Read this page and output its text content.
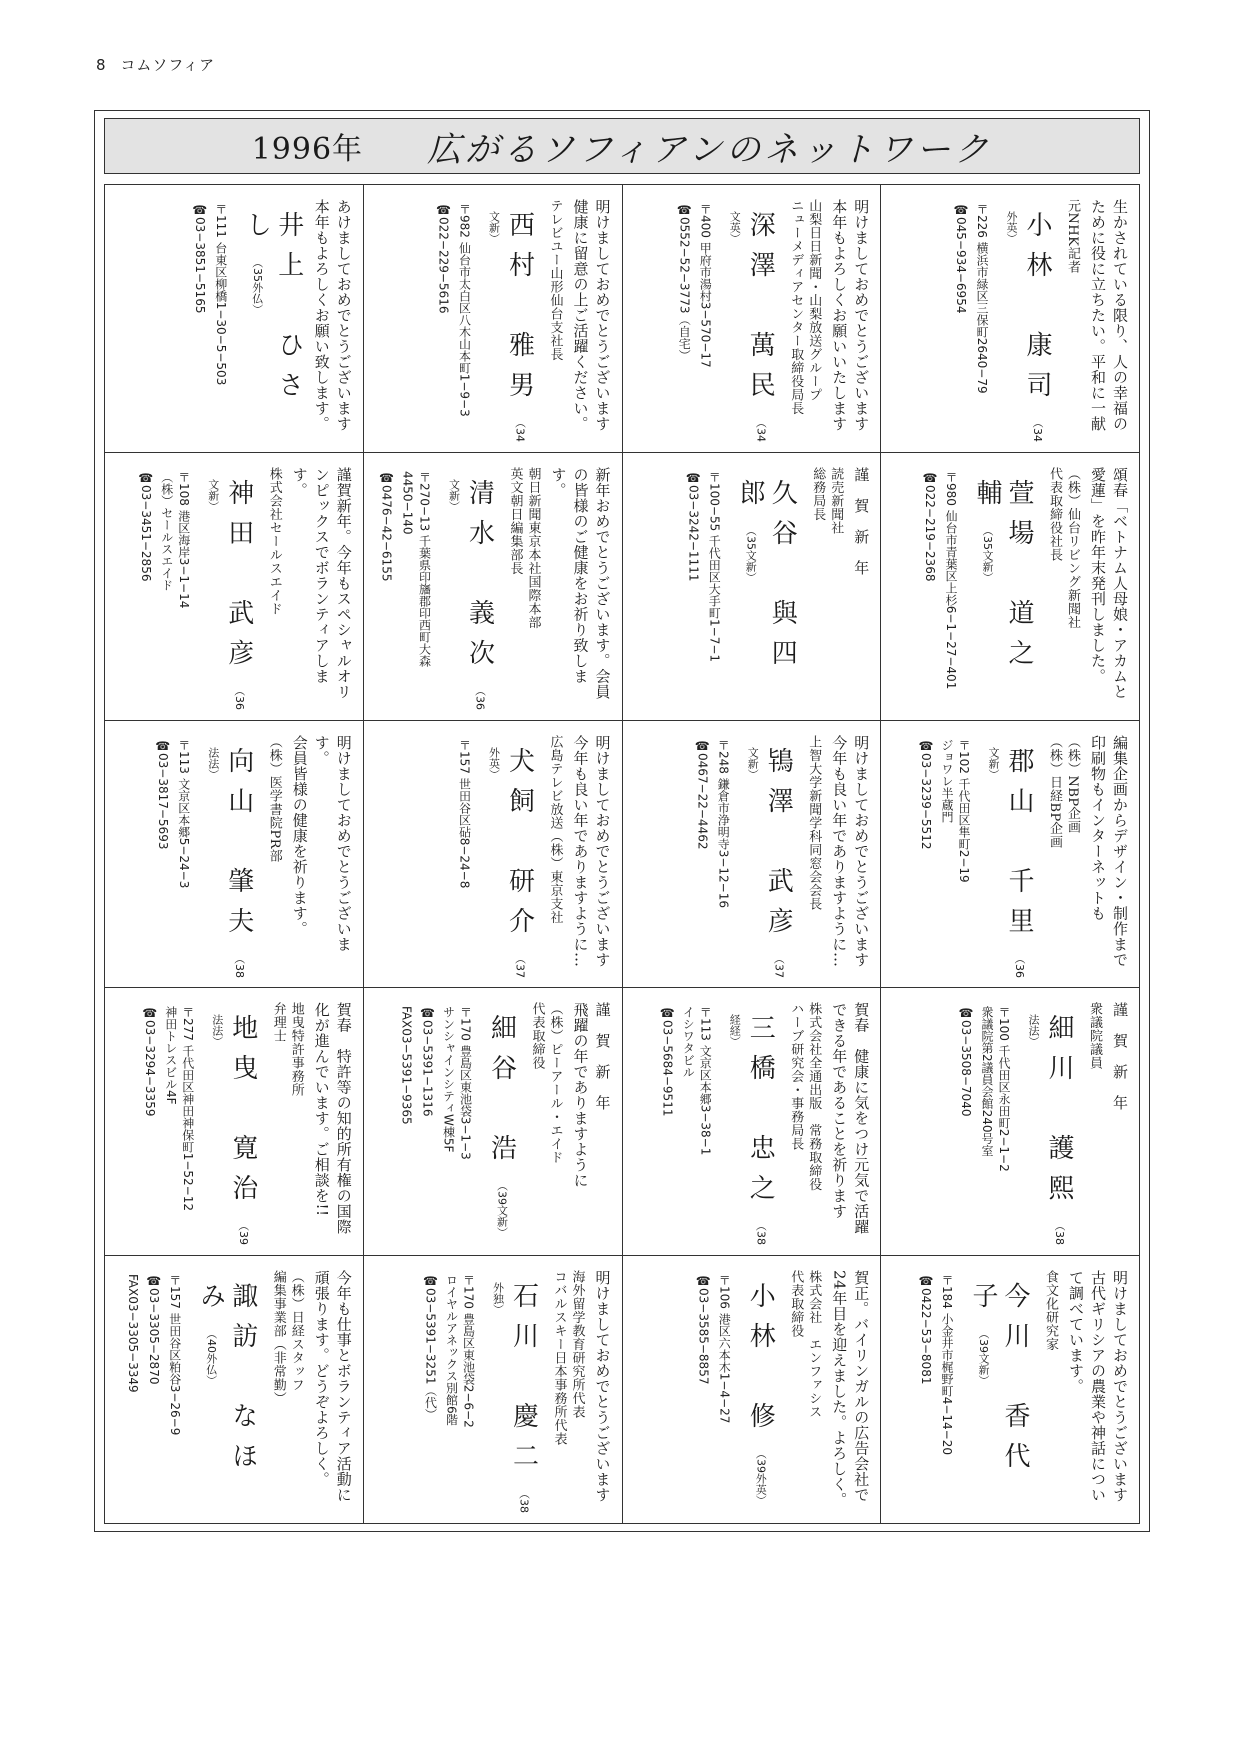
8 コムソフィア
1996年 広がるソフィアンのネットワーク
あけましておめでとうございます
本年もよろしくお願い致します。
井上　ひさし（35外仏）
〒111 台東区柳橋1−30−5−503
☎03−3851−5165	明けましておめでとうございます
健康に留意の上ご活躍ください。
テレビユー山形仙台支社長
西村　雅男（34文新）
〒982 仙台市太白区八木山本町1−9−3
☎022−229−5616	明けましておめでとうございます
本年もよろしくお願いいたします
山梨日日新聞・山梨放送グループ
ニューメディアセンター取締役局長
深澤　萬民（34文英）
〒400 甲府市湯村3−570−17
☎0552−52−3773（自宅）	生かされている限り、人の幸福の
ために役に立ちたい。平和に一献
元NHK記者
小林　康司（34外英）
〒226 横浜市緑区三保町2640−79
☎045−934−6954
謹賀新年。今年もスペシャルオリ
ンピックスでボランティアします。
株式会社セールスエイド
神田　武彦（36文新）
〒108 港区海岸3−1−14
（株）セールスエイド
☎03−3451−2856	新年おめでとうございます。会員
の皆様のご健康をお祈り致します。
朝日新聞東京本社国際本部
英文朝日編集部長
清水　義次（36文新）
〒270−13 千葉県印旛郡印西町大森4450−140
☎0476−42−6155	謹　賀　新　年
読売新聞社
総務局長
久谷　與四郎（35文新）
〒100−55 千代田区大手町1−7−1
☎03−3242−1111	頌春「ベトナム人母娘・アカムと
愛蓮」を昨年末発刊しました。
（株）仙台リビング新聞社
代表取締役社長
萱場　道之輔（35文新）
〒980 仙台市青葉区上杉6−1−27−401
☎022−219−2368
明けましておめでとうございます。
会員皆様の健康を祈ります。
（株）医学書院PR部
向山　肇夫（38法法）
〒113 文京区本郷5−24−3
☎03−3817−5693	明けましておめでとうございます
今年も良い年でありますように…
広島テレビ放送（株）東京支社
犬飼　研介（37外英）
〒157 世田谷区砧8−24−8	明けましておめでとうございます
今年も良い年でありますように…
上智大学新聞学科同窓会会長
鴇澤　武彦（37文新）
〒248 鎌倉市浄明寺3−12−16
☎0467−22−4462	編集企画からデザイン・制作まで
印刷物もインターネットも
（株）NBP企画
（株）日経BP企画
郡山　千里（36文新）
〒102 千代田区隼町2−19
ジョワレ半蔵門
☎03−3239−5512
賀春　特許等の知的所有権の国際
化が進んでいます。ご相談を!!
地曳特許事務所
弁理士
地曳　寛治（39法法）
〒277 千代田区神田神保町1−52−12
神田トレスビル4F
☎03−3294−3359	謹　賀　新　年
飛躍の年でありますように
（株）ピーアール・エイド
代表取締役
細谷　浩（39文新）
〒170 豊島区東池袋3−1−3
サンシャインシティW棟5F
☎03−5391−1316
FAX03−5391−9365	賀春　健康に気をつけ元気で活躍
できる年であることを祈ります
株式会社全通出版　常務取締役
ハーブ研究会・事務局長
三橋　忠之（38経経）
〒113 文京区本郷3−38−1
イシワタビル
☎03−5684−9511	謹　賀　新　年
衆議院議員
細川　護熙（38法法）
〒100 千代田区永田町2−1−2
衆議院第2議員会館240号室
☎03−3508−7040
今年も仕事とボランティア活動に
頑張ります。どうぞよろしく。
（株）日経スタッフ
編集事業部（非常勤）
諏訪　なほみ（40外仏）
〒157 世田谷区粕谷3−26−9
☎03−3305−2870
FAX03−3305−3349	明けましておめでとうございます
海外留学教育研究所代表
コバルスキー日本事務所代表
石川　慶二（38外独）
〒170 豊島区東池袋2−6−2
ロイヤルアネックス別館6階
☎03−5391−3251（代）	賀正。バイリンガルの広告会社で
24年目を迎えました。よろしく。
株式会社　エンファシス
代表取締役
小林　修（39外英）
〒106 港区六本木1−4−27
☎03−3585−8857	明けましておめでとうございます
古代ギリシアの農業や神話につい
て調べています。
食文化研究家
今川　香代子（39文新）
〒184 小金井市梶野町4−14−20
☎0422−53−8081
